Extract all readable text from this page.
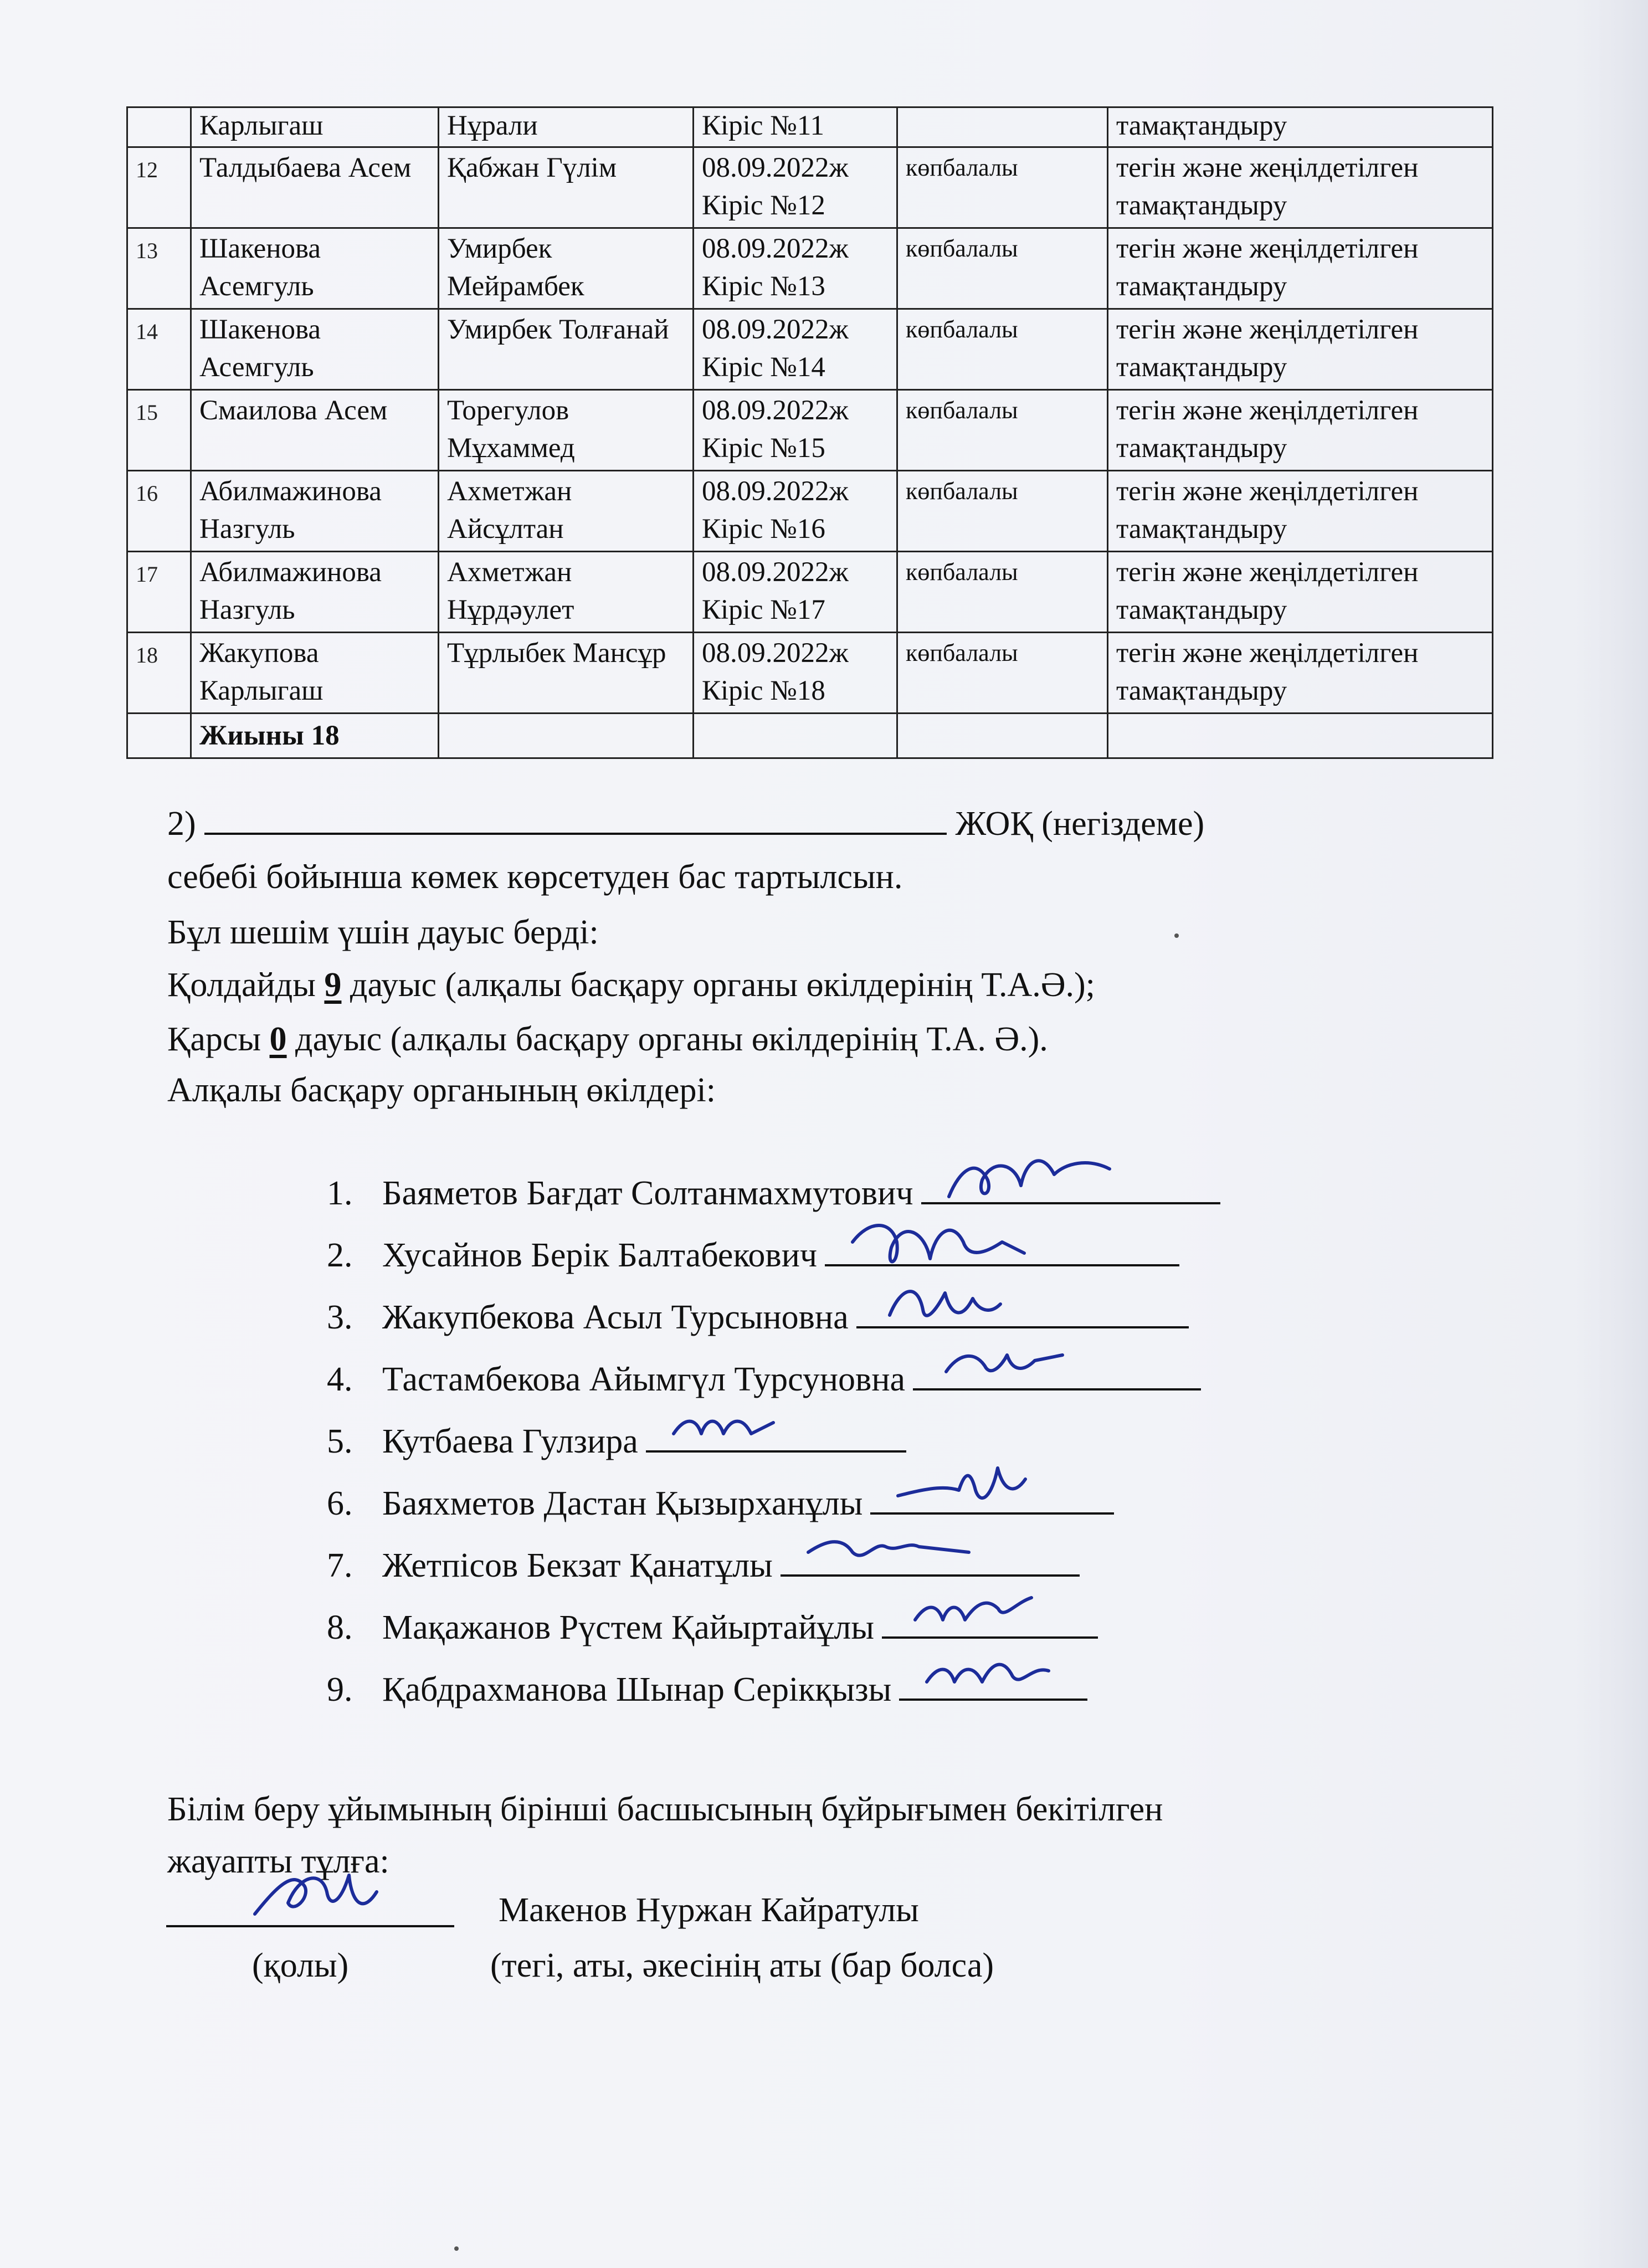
	Карлыгаш	Нұрали	Кіріс №11		тамақтандыру
12	Талдыбаева Асем	Қабжан Гүлім	08.09.2022ж Кіріс №12	көпбалалы	тегін және жеңілдетілген тамақтандыру
13	Шакенова Асемгуль	Умирбек Мейрамбек	08.09.2022ж Кіріс №13	көпбалалы	тегін және жеңілдетілген тамақтандыру
14	Шакенова Асемгуль	Умирбек Толғанай	08.09.2022ж Кіріс №14	көпбалалы	тегін және жеңілдетілген тамақтандыру
15	Смаилова Асем	Торегулов Мұхаммед	08.09.2022ж Кіріс №15	көпбалалы	тегін және жеңілдетілген тамақтандыру
16	Абилмажинова Назгуль	Ахметжан Айсұлтан	08.09.2022ж Кіріс №16	көпбалалы	тегін және жеңілдетілген тамақтандыру
17	Абилмажинова Назгуль	Ахметжан Нұрдәулет	08.09.2022ж Кіріс №17	көпбалалы	тегін және жеңілдетілген тамақтандыру
18	Жакупова Карлыгаш	Тұрлыбек Мансұр	08.09.2022ж Кіріс №18	көпбалалы	тегін және жеңілдетілген тамақтандыру
	Жиыны 18				
2)	ЖОҚ (негіздеме)
себебі бойынша көмек көрсетуден бас тартылсын.
Бұл шешім үшін дауыс берді:
Қолдайды 9 дауыс (алқалы басқару органы өкілдерінің Т.А.Ә.);
Қарсы 0 дауыс (алқалы басқару органы өкілдерінің Т.А. Ә.).
Алқалы басқару органының өкілдері:
1. Баяметов Бағдат Солтанмахмутович
2. Хусайнов Берік Балтабекович
3. Жакупбекова Асыл Турсыновна
4. Тастамбекова Айымгүл Турсуновна
5. Кутбаева Гулзира
6. Баяхметов Дастан Қызырханұлы
7. Жетпісов Бекзат Қанатұлы
8. Мақажанов Рүстем Қайыртайұлы
9. Қабдрахманова Шынар Серікқызы
Білім беру ұйымының бірінші басшысының бұйрығымен бекітілген
жауапты тұлға:
Макенов Нуржан Кайратулы
(қолы)	(тегі, аты, әкесінің аты (бар болса)
